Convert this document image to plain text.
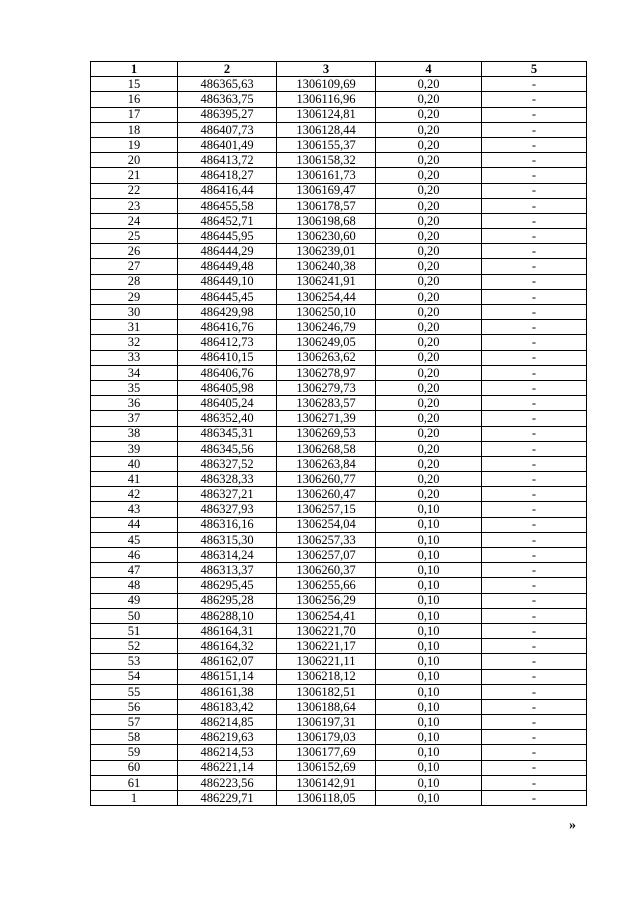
1	2	3	4	5
15	486365,63	1306109,69	0,20	-
16	486363,75	1306116,96	0,20	-
17	486395,27	1306124,81	0,20	-
18	486407,73	1306128,44	0,20	-
19	486401,49	1306155,37	0,20	-
20	486413,72	1306158,32	0,20	-
21	486418,27	1306161,73	0,20	-
22	486416,44	1306169,47	0,20	-
23	486455,58	1306178,57	0,20	-
24	486452,71	1306198,68	0,20	-
25	486445,95	1306230,60	0,20	-
26	486444,29	1306239,01	0,20	-
27	486449,48	1306240,38	0,20	-
28	486449,10	1306241,91	0,20	-
29	486445,45	1306254,44	0,20	-
30	486429,98	1306250,10	0,20	-
31	486416,76	1306246,79	0,20	-
32	486412,73	1306249,05	0,20	-
33	486410,15	1306263,62	0,20	-
34	486406,76	1306278,97	0,20	-
35	486405,98	1306279,73	0,20	-
36	486405,24	1306283,57	0,20	-
37	486352,40	1306271,39	0,20	-
38	486345,31	1306269,53	0,20	-
39	486345,56	1306268,58	0,20	-
40	486327,52	1306263,84	0,20	-
41	486328,33	1306260,77	0,20	-
42	486327,21	1306260,47	0,20	-
43	486327,93	1306257,15	0,10	-
44	486316,16	1306254,04	0,10	-
45	486315,30	1306257,33	0,10	-
46	486314,24	1306257,07	0,10	-
47	486313,37	1306260,37	0,10	-
48	486295,45	1306255,66	0,10	-
49	486295,28	1306256,29	0,10	-
50	486288,10	1306254,41	0,10	-
51	486164,31	1306221,70	0,10	-
52	486164,32	1306221,17	0,10	-
53	486162,07	1306221,11	0,10	-
54	486151,14	1306218,12	0,10	-
55	486161,38	1306182,51	0,10	-
56	486183,42	1306188,64	0,10	-
57	486214,85	1306197,31	0,10	-
58	486219,63	1306179,03	0,10	-
59	486214,53	1306177,69	0,10	-
60	486221,14	1306152,69	0,10	-
61	486223,56	1306142,91	0,10	-
1	486229,71	1306118,05	0,10	-
»
